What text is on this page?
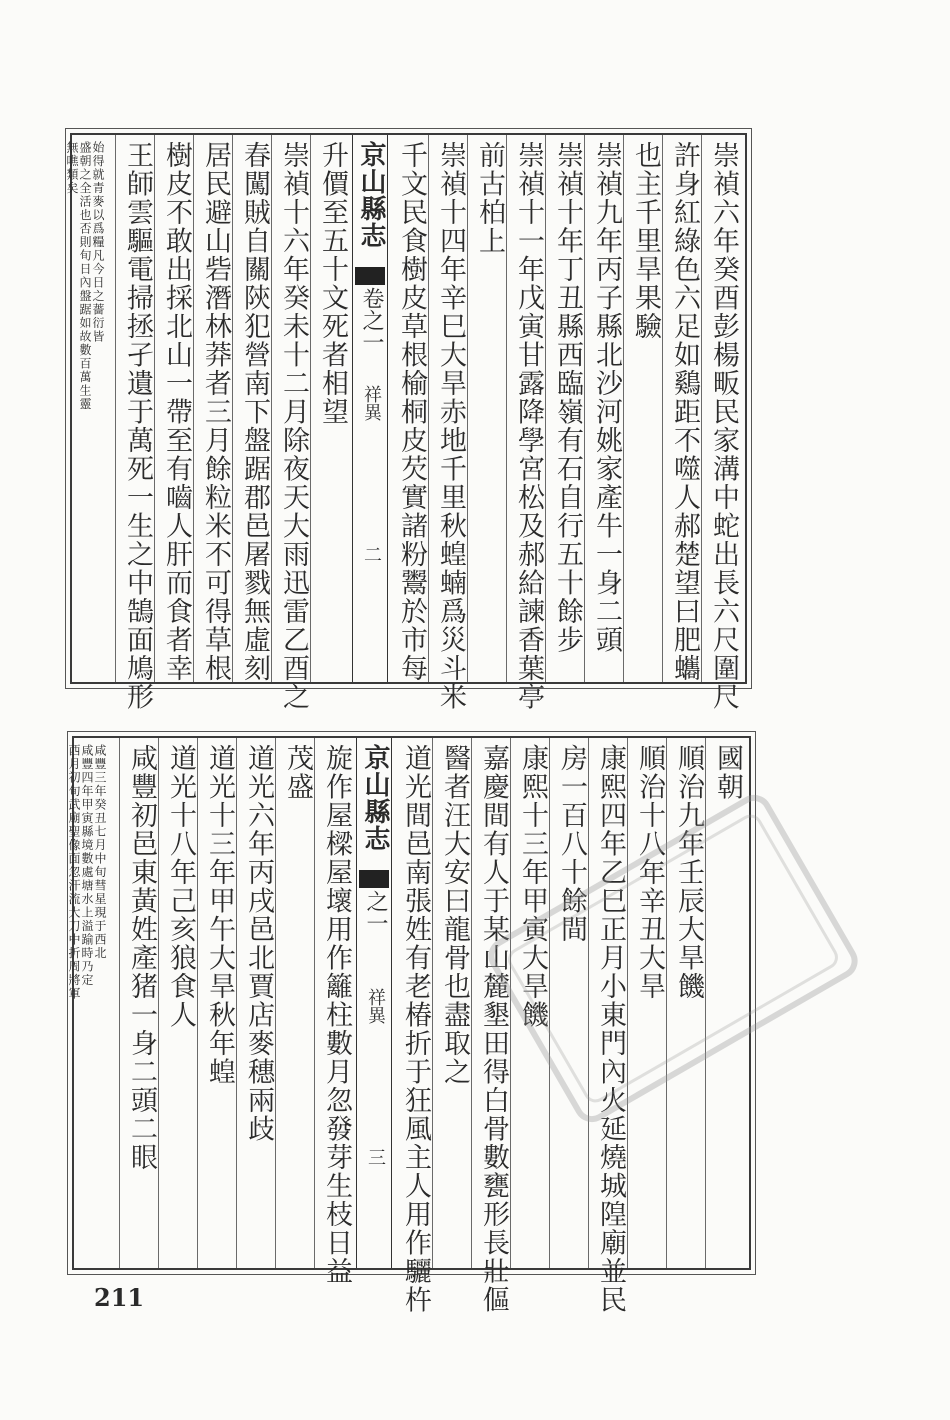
崇禎六年癸酉彭楊畈民家溝中蛇出長六尺圍尺
許身紅綠色六足如鷄距不噬人郝楚望曰肥蠵
也主千里旱果驗
崇禎九年丙子縣北沙河姚家產牛一身二頭
崇禎十年丁丑縣西臨嶺有石自行五十餘步
崇禎十一年戊寅甘露降學宮松及郝給諫香葉亭
前古柏上
崇禎十四年辛巳大旱赤地千里秋蝗蝻爲災斗米
千文民食樹皮草根榆桐皮芡實諸粉鬻於市每
京山縣志
卷之一
祥異
二
升價至五十文死者相望
崇禎十六年癸未十二月除夜天大雨迅雷乙酉之
春闖賊自關陝犯營南下盤踞郡邑屠戮無虛刻
居民避山砦潛林莽者三月餘粒米不可得草根
樹皮不敢出採北山一帶至有嚙人肝而食者幸
王師雲驅電掃拯孑遺于萬死一生之中鵠面鳩形
始得就青麥以爲糧凡今日之薔衍皆
盛朝之全活也否則旬日內盤踞如故數百萬生靈
無噍類矣
國朝
順治九年壬辰大旱饑
順治十八年辛丑大旱
康熙四年乙巳正月小東門內火延燒城隍廟並民
房一百八十餘間
康熙十三年甲寅大旱饑
嘉慶間有人于某山麓墾田得白骨數甕形長壯傴
醫者汪大安曰龍骨也盡取之
道光間邑南張姓有老椿折于狂風主人用作驪杵
京山縣志
之一
祥異
三
旋作屋樑屋壞用作籬柱數月忽發芽生枝日益
茂盛
道光六年丙戌邑北賈店麥穗兩歧
道光十三年甲午大旱秋年蝗
道光十八年己亥狼食人
咸豐初邑東黃姓產猪一身二頭二眼
咸豐三年癸丑七月中旬彗星現于西北
咸豐四年甲寅縣境數處塘水上溢踰時乃定
西月初旬武廟聖像面忽汗流大刀中折周將軍
211
